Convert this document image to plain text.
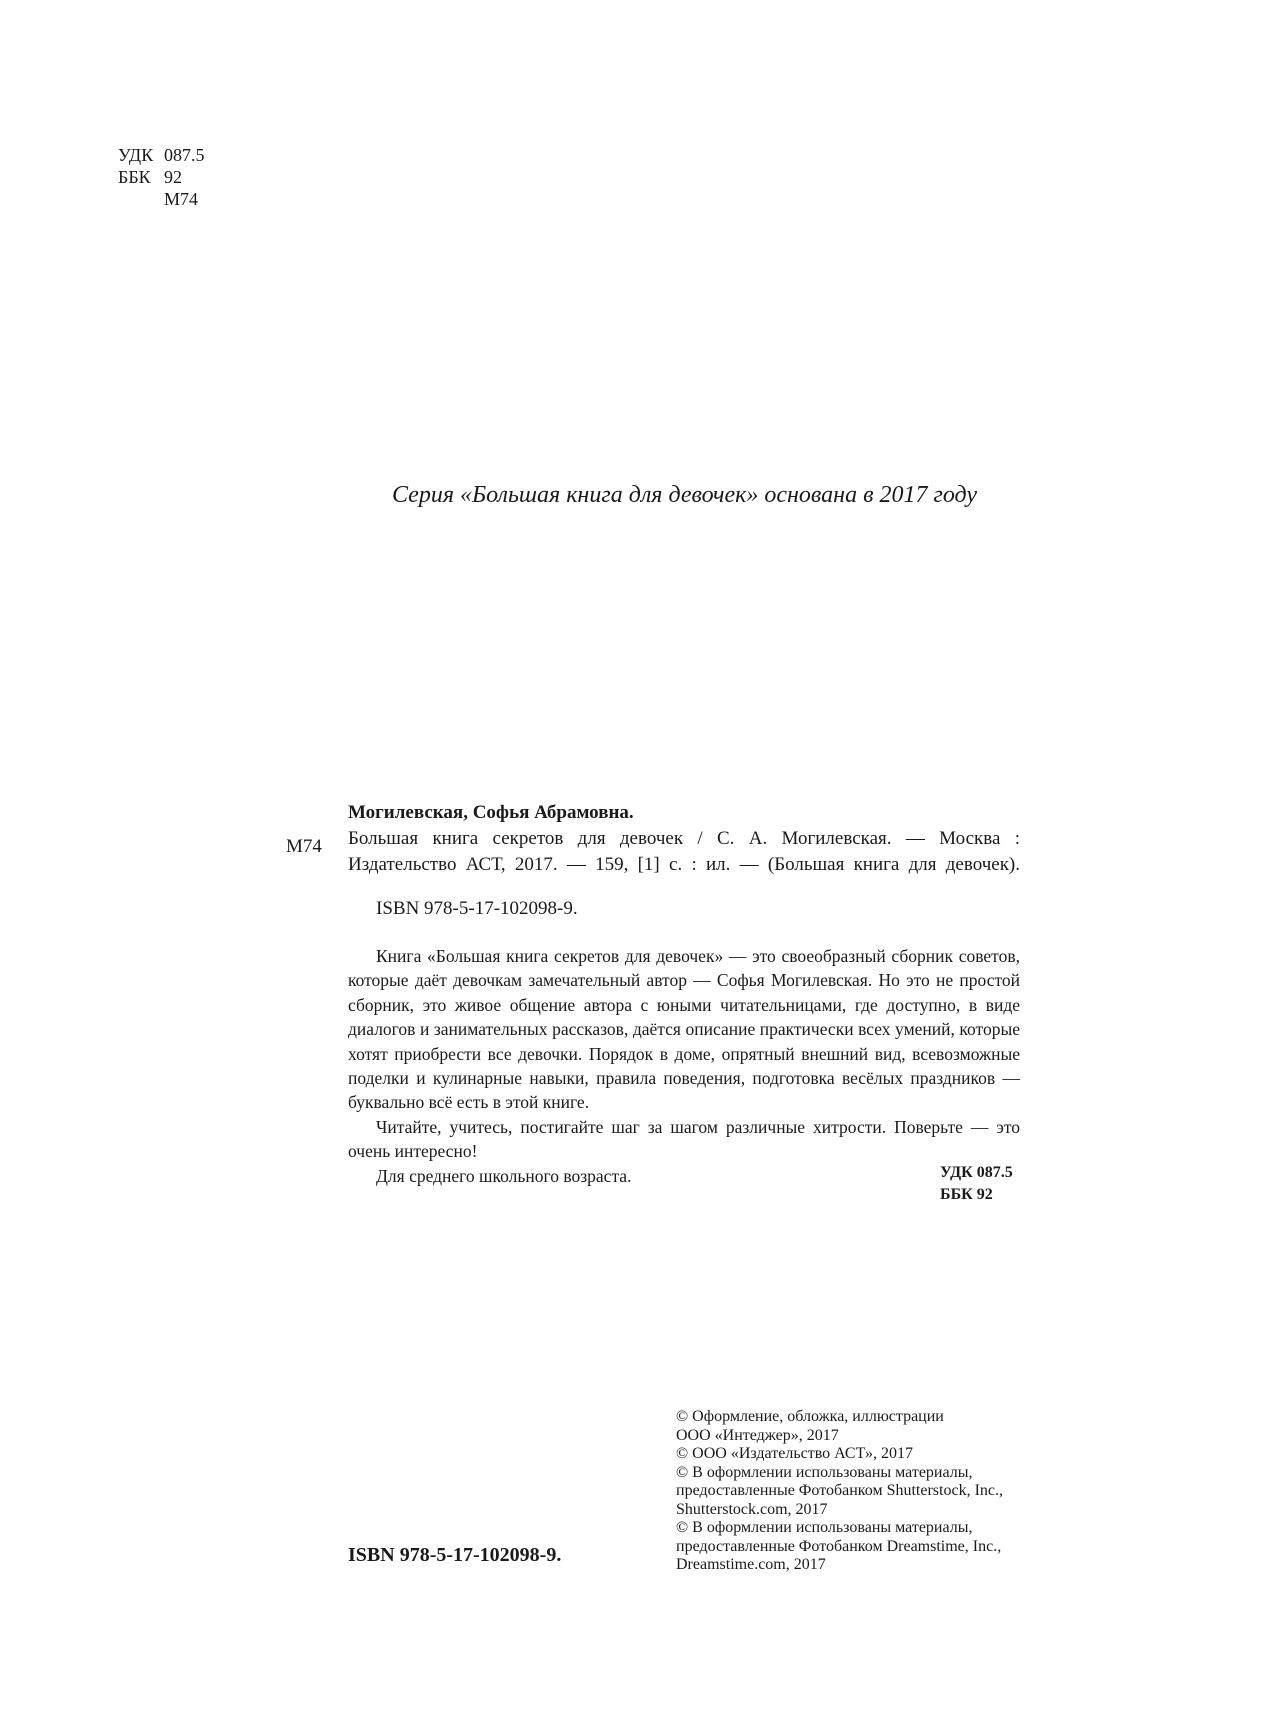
УДК 087.5
ББК 92
М74
Серия «Большая книга для девочек» основана в 2017 году
М74
Могилевская, Софья Абрамовна.
Большая книга секретов для девочек / С. А. Могилевская. — Москва :
Издательство АСТ, 2017. — 159, [1] с. : ил. — (Большая книга для девочек).
ISBN 978-5-17-102098-9.

Книга «Большая книга секретов для девочек» — это своеобразный сборник советов, которые даёт девочкам замечательный автор — Софья Могилевская. Но это не простой сборник, это живое общение автора с юными читательницами, где доступно, в виде диалогов и занимательных рассказов, даётся описание практически всех умений, которые хотят приобрести все девочки. Порядок в доме, опрятный внешний вид, всевозможные поделки и кулинарные навыки, правила поведения, подготовка весёлых праздников — буквально всё есть в этой книге.

Читайте, учитесь, постигайте шаг за шагом различные хитрости. Поверьте — это очень интересно!

Для среднего школьного возраста.	УДК 087.5
ББК 92
© Оформление, обложка, иллюстрации
ООО «Интеджер», 2017
© ООО «Издательство АСТ», 2017
© В оформлении использованы материалы,
предоставленные Фотобанком Shutterstock, Inc.,
Shutterstock.com, 2017
© В оформлении использованы материалы,
предоставленные Фотобанком Dreamstime, Inc.,
Dreamstime.com, 2017
ISBN 978-5-17-102098-9.
